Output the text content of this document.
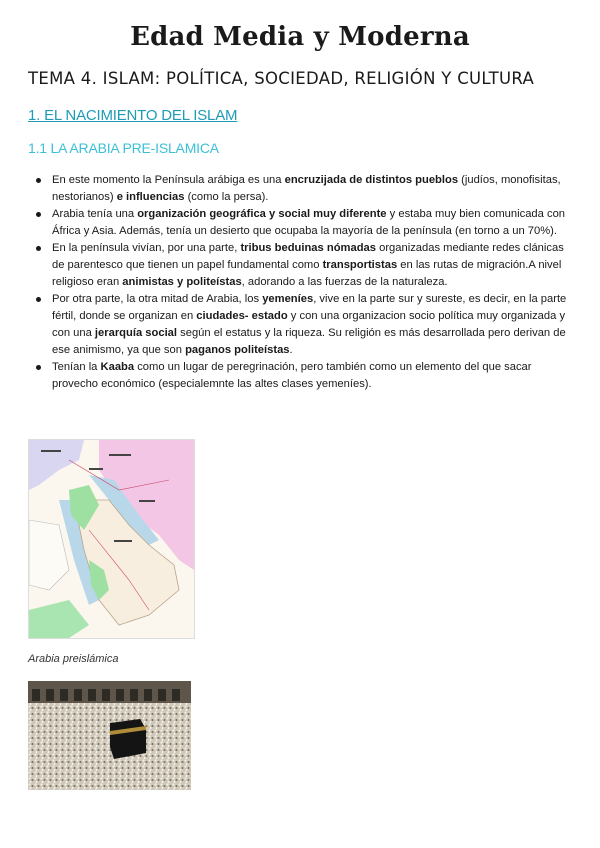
Edad Media y Moderna
TEMA 4. ISLAM: POLÍTICA, SOCIEDAD, RELIGIÓN Y CULTURA
1. EL NACIMIENTO DEL ISLAM
1.1 LA ARABIA PRE-ISLAMICA
En este momento la Península arábiga es una encruzijada de distintos pueblos (judíos, monofisitas, nestorianos) e influencias (como la persa).
Arabia tenía una organización geográfica y social muy diferente y estaba muy bien comunicada con África y Asia. Además, tenía un desierto que ocupaba la mayoría de la península (en torno a un 70%).
En la península vivían, por una parte, tribus beduinas nómadas organizadas mediante redes clánicas de parentesco que tienen un papel fundamental como transportistas en las rutas de migración.A nivel religioso eran animistas y politeístas, adorando a las fuerzas de la naturaleza.
Por otra parte, la otra mitad de Arabia, los yemeníes, vive en la parte sur y sureste, es decir, en la parte fértil, donde se organizan en ciudades- estado y con una organizacion socio política muy organizada y con una jerarquía social según el estatus y la riqueza. Su religión es más desarrollada pero derivan de ese animismo, ya que son paganos politeístas.
Tenían la Kaaba como un lugar de peregrinación, pero también como un elemento del que sacar provecho económico (especialemnte las altes clases yemeníes).
Arabia preislámica
